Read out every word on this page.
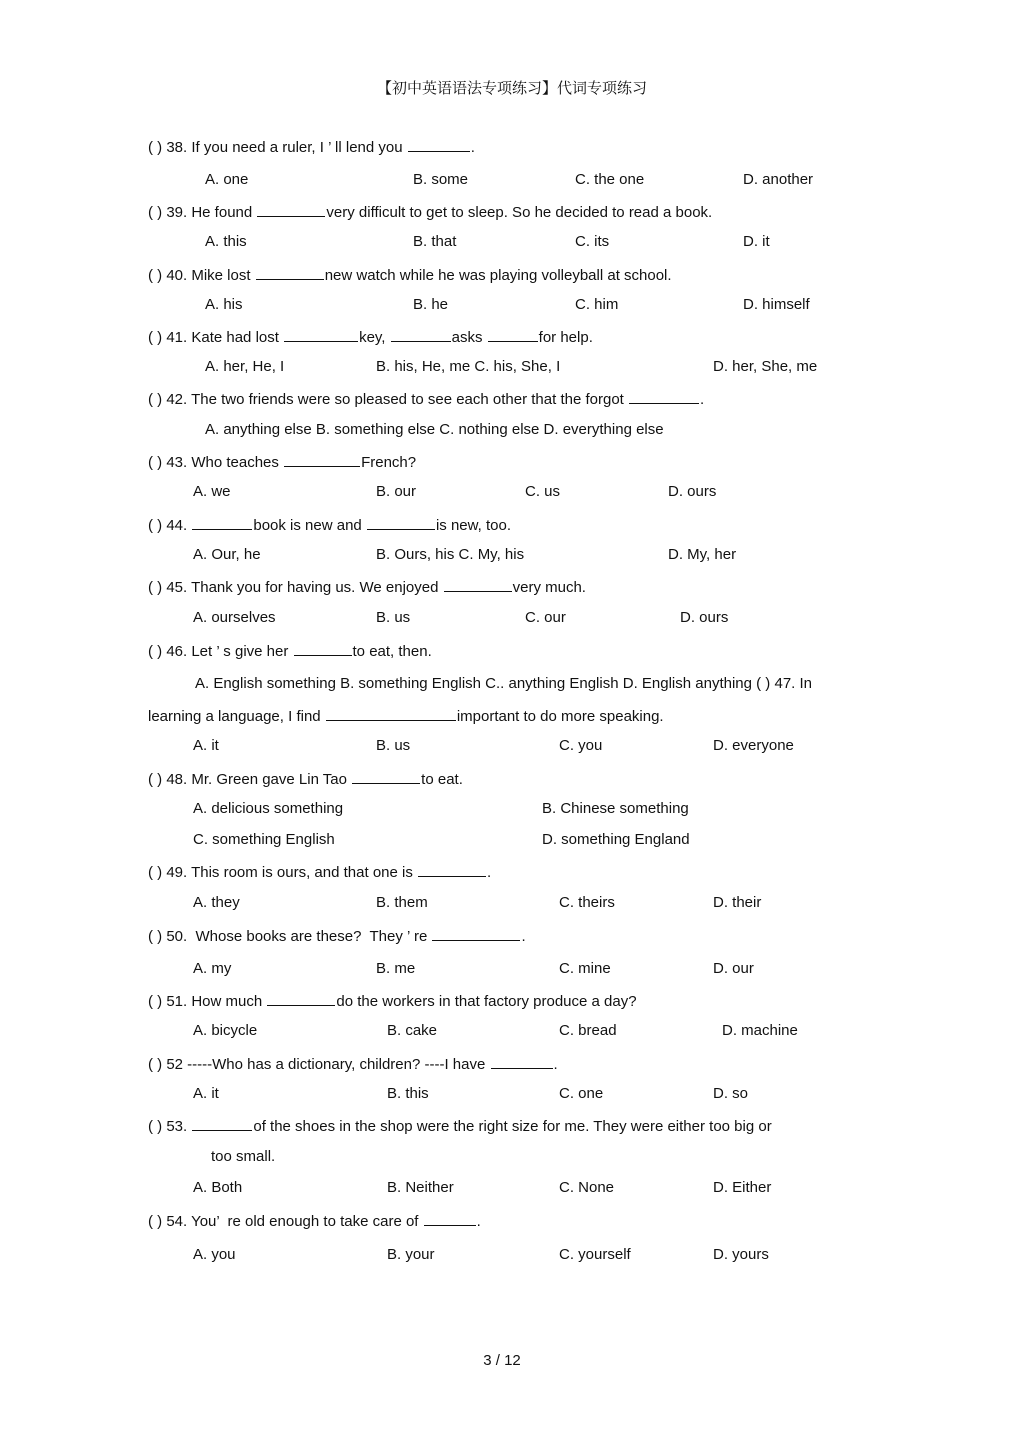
【初中英语语法专项练习】代词专项练习
( ) 38. If you need a ruler, I ’ ll lend you	.
A. one	B. some	C. the one	D. another
( ) 39. He found	very difficult to get to sleep. So he decided to read a book.
A. this	B. that	C. its	D. it
( ) 40. Mike lost	new watch while he was playing volleyball at school.
A. his	B. he	C. him	D. himself
( ) 41. Kate had lost	key,	asks	for help.
A. her, He, I	B. his, He, me C. his, She, I	D. her, She, me
( ) 42. The two friends were so pleased to see each other that the forgot	.
A. anything else B. something else C. nothing else D. everything else
( ) 43. Who teaches	French?
A. we	B. our	C. us	D. ours
( ) 44.	book is new and	is new, too.
A. Our, he	B. Ours, his C. My, his	D. My, her
( ) 45. Thank you for having us. We enjoyed	very much.
A. ourselves	B. us	C. our	D. ours
( ) 46. Let ’ s give her	to eat, then.
A. English something B. something English C.. anything English D. English anything ( ) 47. In
learning a language, I find	important to do more speaking.
A. it	B. us	C. you	D. everyone
( ) 48. Mr. Green gave Lin Tao	to eat.
A. delicious something	B. Chinese something
C. something English	D. something England
( ) 49. This room is ours, and that one is	.
A. they	B. them	C. theirs	D. their
( ) 50.  Whose books are these?  They ’ re	.
A. my	B. me	C. mine	D. our
( ) 51. How much	do the workers in that factory produce a day?
A. bicycle	B. cake	C. bread	D. machine
( ) 52 -----Who has a dictionary, children? ----I have	.
A. it	B. this	C. one	D. so
( ) 53.	of the shoes in the shop were the right size for me. They were either too big or
too small.
A. Both	B. Neither	C. None	D. Either
( ) 54. You’  re old enough to take care of	.
A. you	B. your	C. yourself	D. yours
3 / 12
